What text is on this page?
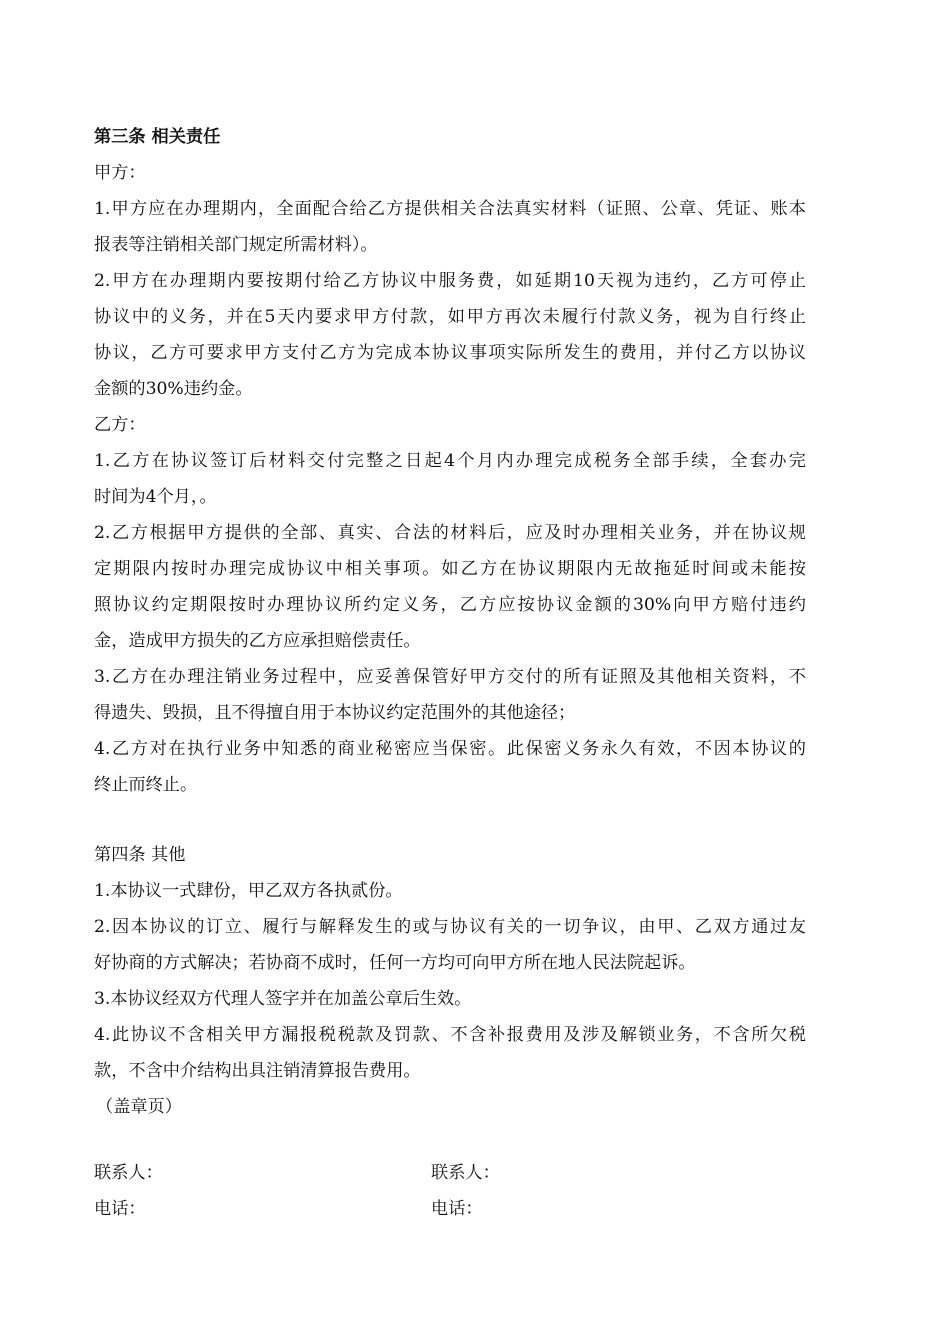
第三条 相关责任
甲方：
1.甲方应在办理期内，全面配合给乙方提供相关合法真实材料（证照、公章、凭证、账本
报表等注销相关部门规定所需材料）。
2.甲方在办理期内要按期付给乙方协议中服务费，如延期10天视为违约，乙方可停止
协议中的义务，并在5天内要求甲方付款，如甲方再次未履行付款义务，视为自行终止
协议，乙方可要求甲方支付乙方为完成本协议事项实际所发生的费用，并付乙方以协议
金额的30%违约金。
乙方：
1.乙方在协议签订后材料交付完整之日起4个月内办理完成税务全部手续，全套办完
时间为4个月，。
2.乙方根据甲方提供的全部、真实、合法的材料后，应及时办理相关业务，并在协议规
定期限内按时办理完成协议中相关事项。如乙方在协议期限内无故拖延时间或未能按
照协议约定期限按时办理协议所约定义务，乙方应按协议金额的30%向甲方赔付违约
金，造成甲方损失的乙方应承担赔偿责任。
3.乙方在办理注销业务过程中，应妥善保管好甲方交付的所有证照及其他相关资料，不
得遗失、毁损，且不得擅自用于本协议约定范围外的其他途径；
4.乙方对在执行业务中知悉的商业秘密应当保密。此保密义务永久有效，不因本协议的
终止而终止。
第四条 其他
1.本协议一式肆份，甲乙双方各执贰份。
2.因本协议的订立、履行与解释发生的或与协议有关的一切争议，由甲、乙双方通过友
好协商的方式解决；若协商不成时，任何一方均可向甲方所在地人民法院起诉。
3.本协议经双方代理人签字并在加盖公章后生效。
4.此协议不含相关甲方漏报税税款及罚款、不含补报费用及涉及解锁业务，不含所欠税
款，不含中介结构出具注销清算报告费用。
（盖章页）
联系人：
电话：
联系人：
电话：
